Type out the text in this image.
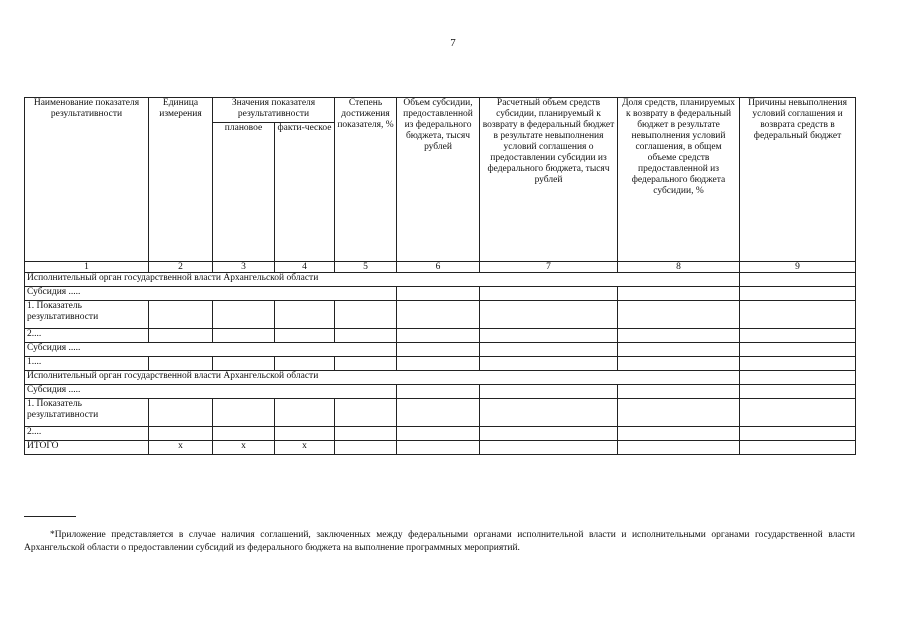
7
Наименование показателя результативности	Единица измерения	Значения показателя результативности		Степень достижения показателя, %	Объем субсидии, предоставленной из федерального бюджета, тысяч рублей	Расчетный объем средств субсидии, планируемый к возврату в федеральный бюджет в результате невыполнения условий соглашения о предоставлении субсидии из федерального бюджета, тысяч рублей	Доля средств, планируемых к возврату в федеральный бюджет в результате невыполнения условий соглашения, в общем объеме средств предоставленной из федерального бюджета субсидии, %	Причины невыполнения условий соглашения и возврата средств в федеральный бюджет
		плановое	факти-ческое					
1	2	3	4	5	6	7	8	9
Исполнительный орган государственной власти Архангельской области								
Субсидия .....								
1. Показатель результативности								
2....								
Субсидия .....								
1....								
Исполнительный орган государственной власти Архангельской области								
Субсидия .....								
1. Показатель результативности								
2....								
ИТОГО	х	х	х					
*Приложение представляется в случае наличия соглашений, заключенных между федеральными органами исполнительной власти и исполнительными органами государственной власти Архангельской области о предоставлении субсидий из федерального бюджета на выполнение программных мероприятий.
